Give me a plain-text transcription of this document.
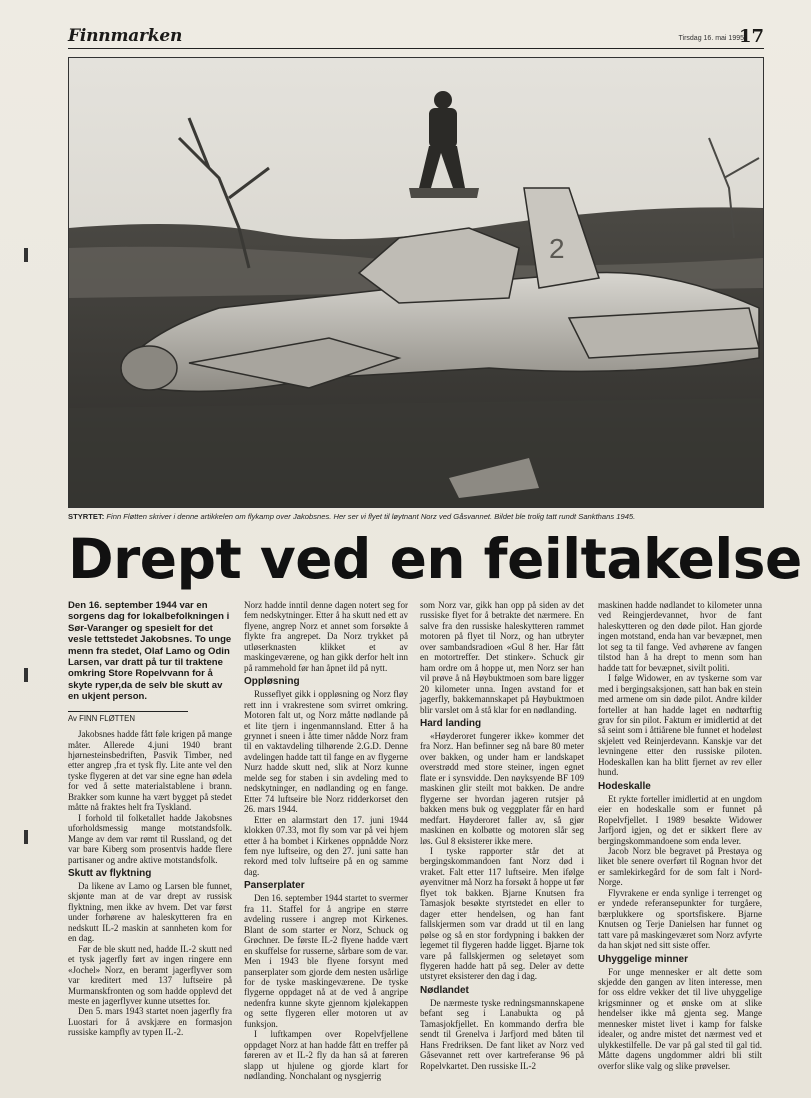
Finnmarken	Tirsdag 16. mai 1995
17
2
STYRTET: Finn Fløtten skriver i denne artikkelen om flykamp over Jakobsnes. Her ser vi flyet til løytnant Norz ved Gåsvannet. Bildet ble trolig tatt rundt Sankthans 1945.
Drept ved en feiltakelse
Den 16. september 1944 var en sorgens dag for lokalbefolkningen i Sør-Varanger og spesielt for det vesle tettstedet Jakobsnes. To unge menn fra stedet, Olaf Lamo og Odin Larsen, var dratt på tur til traktene omkring Store Ropelvvann for å skyte ryper,da de selv ble skutt av en ukjent person.
Av FINN FLØTTEN

Jakobsnes hadde fått føle krigen på mange måter. Allerede 4.juni 1940 brant hjørnesteinsbedriften, Pasvik Timber, ned etter angrep ,fra et tysk fly. Lite ante vel den tyske flygeren at det var sine egne han ødela for ved å sette materialstablene i brann. Brakker som kunne ha vært bygget på stedet måtte nå fraktes helt fra Tyskland.

I forhold til folketallet hadde Jakobsnes uforholdsmessig mange motstandsfolk. Mange av dem var rømt til Russland, og det var bare Kiberg som prosentvis hadde flere partisaner og andre aktive motstandsfolk.

Skutt av flyktning

Da likene av Lamo og Larsen ble funnet, skjønte man at de var drept av russisk flyktning, men ikke av hvem. Det var først under forhørene av haleskytteren fra en nedskutt IL-2 maskin at sannheten kom for en dag.

Før de ble skutt ned, hadde IL-2 skutt ned et tysk jagerfly ført av ingen ringere enn «Jochel» Norz, en beramt jagerflyver som var kreditert med 137 luftseire på Murmanskfronten og som hadde opplevd det meste en jagerflyver kunne utsettes for.

Den 5. mars 1943 startet noen jagerfly fra Luostari for å avskjære en formasjon russiske kampfly av typen IL-2.

Norz hadde inntil denne dagen notert seg for fem nedskytninger. Etter å ha skutt ned ett av flyene, angrep Norz et annet som forsøkte å flykte fra angrepet. Da Norz trykket på utløserknasten klikket et av maskingeværene, og han gikk derfor helt inn på rammehold før han åpnet ild på nytt.

Oppløsning

Russeflyet gikk i oppløsning og Norz fløy rett inn i vrakrestene som svirret omkring. Motoren falt ut, og Norz måtte nødlande på et lite tjern i ingenmannsland. Etter å ha grynnet i sneen i åtte timer nådde Norz fram til en vaktavdeling tilhørende 2.G.D. Denne avdelingen hadde tatt til fange en av flygerne Nurz hadde skutt ned, slik at Norz kunne melde seg for staben i sin avdeling med to nedskytninger, en nødlanding og en fange. Etter 74 luftseire ble Norz ridderkorset den 26. mars 1944.

Etter en alarmstart den 17. juni 1944 klokken 07.33, mot fly som var på vei hjem etter å ha bombet i Kirkenes oppnådde Norz fem nye luftseire, og den 27. juni satte han rekord med tolv luftseire på en og samme dag.

Panserplater

Den 16. september 1944 startet to svermer fra 11. Staffel for å angripe en større avdeling russere i angrep mot Kirkenes. Blant de som starter er Norz, Schuck og Grøchner. De første IL-2 flyene hadde vært en skuffelse for russerne, sårbare som de var. Men i 1943 ble flyene forsynt med panserplater som gjorde dem nesten usårlige for de tyske maskingeværene. De tyske flygerne oppdaget nå at de ved å angripe nedenfra kunne skyte gjennom kjølekappen og sette flygeren eller motoren ut av funksjon.

I luftkampen over Ropelvfjellene oppdaget Norz at han hadde fått en treffer på føreren av et IL-2 fly da han så at føreren slapp ut hjulene og gjorde klart for nødlanding. Nonchalant og nysgjerrig

som Norz var, gikk han opp på siden av det russiske flyet for å betrakte det nærmere. En salve fra den russiske haleskytteren rammet motoren på flyet til Norz, og han utbryter over sambandsradioen «Gul 8 her. Har fått en motortreffer. Det stinker». Schuck gir ham ordre om å hoppe ut, men Norz ser han vil prøve å nå Høybuktmoen som bare ligger 20 kilometer unna. Ingen avstand for et jagerfly, bakkemannskapet på Høybuktmoen blir varslet om å stå klar for en nødlanding.

Hard landing

«Høyderoret fungerer ikke» kommer det fra Norz. Han befinner seg nå bare 80 meter over bakken, og under ham er landskapet overstrødd med store steiner, ingen egnet flate er i synsvidde. Den nøyksyende BF 109 maskinen glir steilt mot bakken. De andre flygerne ser hvordan jageren rutsjer på bakken mens buk og veggplater får en hard medfart. Høyderoret faller av, så gjør maskinen en kolbøtte og motoren slår seg løs. Gul 8 eksisterer ikke mere.

I tyske rapporter står det at bergingskommandoen fant Norz død i vraket. Falt etter 117 luftseire. Men ifølge øyenvitner må Norz ha forsøkt å hoppe ut før flyet tok bakken. Bjarne Knutsen fra Tamasjok besøkte styrtstedet en eller to dager etter hendelsen, og han fant fallskjermen som var dradd ut til en lang pølse og så en stor fordypning i bakken der legemet til flygeren hadde ligget. Bjarne tok vare på fallskjermen og seletøyet som flygeren hadde hatt på seg. Deler av dette utstyret eksisterer den dag i dag.

Nødlandet

De nærmeste tyske redningsmannskapene befant seg i Lanabukta og på Tamasjokfjellet. En kommando derfra ble sendt til Grenelva i Jarfjord med båten til Hans Fredriksen. De fant liket av Norz ved Gåsevannet rett over kartreferanse 96 på Ropelvkartet. Den russiske IL-2

maskinen hadde nødlandet to kilometer unna ved Reingjerdevannet, hvor de fant haleskytteren og den døde pilot. Han gjorde ingen motstand, enda han var bevæpnet, men lot seg ta til fange. Ved avhørene av fangen tilstod han å ha drept to menn som han hadde tatt for bevæpnet, sivilt politi.

I følge Widower, en av tyskerne som var med i bergingsaksjonen, satt han bak en stein med armene om sin døde pilot. Andre kilder forteller at han hadde laget en nødtørftig grav for sin pilot. Faktum er imidlertid at det så seint som i åttiårene ble funnet et hodeløst skjelett ved Reinjerdevann. Kanskje var det levningene etter den russiske piloten. Hodeskallen kan ha blitt fjernet av rev eller hund.

Hodeskalle

Et rykte forteller imidlertid at en ungdom eier en hodeskalle som er funnet på Ropelvfjellet. I 1989 besøkte Widower Jarfjord igjen, og det er sikkert flere av bergingskommandoene som enda lever.

Jacob Norz ble begravet på Prestøya og liket ble senere overført til Rognan hvor det er samlekirkegård for de som falt i Nord-Norge.

Flyvrakene er enda synlige i terrenget og er yndede referansepunkter for turgåere, bærplukkere og sportsfiskere. Bjarne Knutsen og Terje Danielsen har funnet og tatt vare på maskingeværet som Norz avfyrte da han skjøt ned sitt siste offer.

Uhyggelige minner

For unge mennesker er alt dette som skjedde den gangen av liten interesse, men for oss eldre vekker det til live uhyggelige krigsminner og et ønske om at slike hendelser ikke må gjenta seg. Mange mennesker mistet livet i kamp for falske idealer, og andre mistet det nærmest ved et ulykkestilfelle. De var på gal sted til gal tid. Måtte dagens ungdommer aldri bli stilt overfor slike valg og slike prøvelser.
